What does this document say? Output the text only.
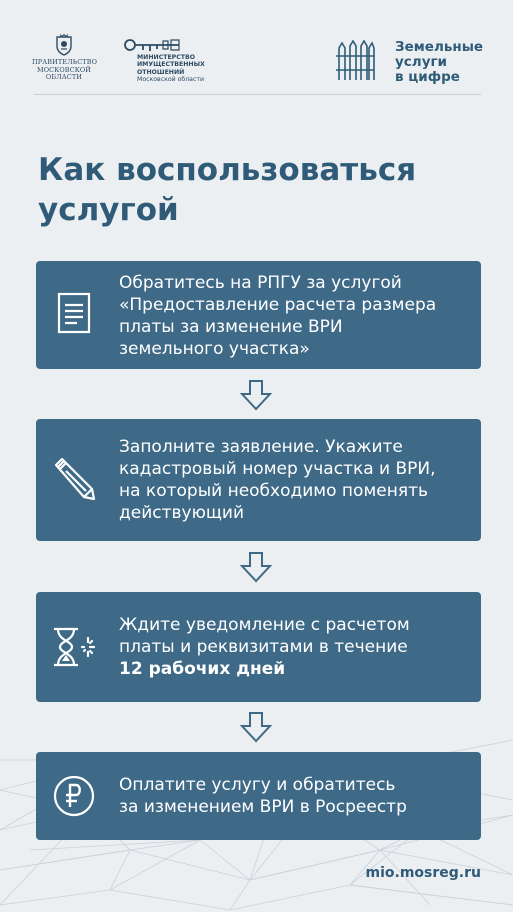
ПРАВИТЕЛЬСТВО
МОСКОВСКОЙ
ОБЛАСТИ
МИНИСТЕРСТВО
ИМУЩЕСТВЕННЫХ
ОТНОШЕНИЙ
Московской области
Земельные
услуги
в цифре
Как воспользоваться
услугой
Обратитесь на РПГУ за услугой
«Предоставление расчета размера
платы за изменение ВРИ
земельного участка»
Заполните заявление. Укажите
кадастровый номер участка и ВРИ,
на который необходимо поменять
действующий
Ждите уведомление с расчетом
платы и реквизитами в течение
12 рабочих дней
Оплатите услугу и обратитесь
за изменением ВРИ в Росреестр
mio.mosreg.ru
